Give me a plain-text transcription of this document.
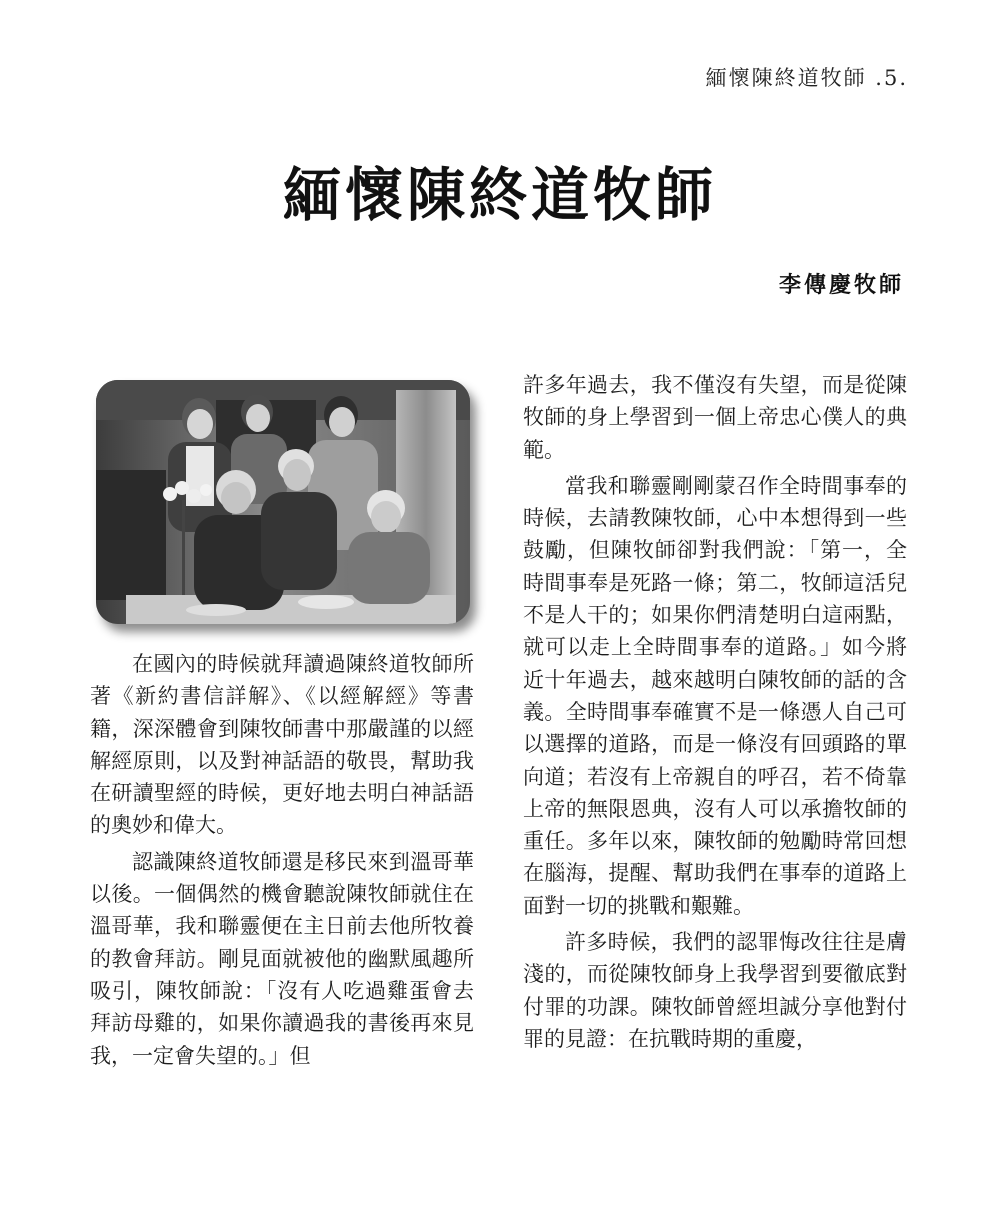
緬懷陳終道牧師 .5.
緬懷陳終道牧師
李傳慶牧師

在國內的時候就拜讀過陳終道牧師所著《新約書信詳解》、《以經解經》等書籍，深深體會到陳牧師書中那嚴謹的以經解經原則，以及對神話語的敬畏，幫助我在研讀聖經的時候，更好地去明白神話語的奧妙和偉大。

認識陳終道牧師還是移民來到溫哥華以後。一個偶然的機會聽說陳牧師就住在溫哥華，我和聯靈便在主日前去他所牧養的教會拜訪。剛見面就被他的幽默風趣所吸引，陳牧師說：「沒有人吃過雞蛋會去拜訪母雞的，如果你讀過我的書後再來見我，一定會失望的。」但

許多年過去，我不僅沒有失望，而是從陳牧師的身上學習到一個上帝忠心僕人的典範。

當我和聯靈剛剛蒙召作全時間事奉的時候，去請教陳牧師，心中本想得到一些鼓勵，但陳牧師卻對我們說：「第一，全時間事奉是死路一條；第二，牧師這活兒不是人干的；如果你們清楚明白這兩點，就可以走上全時間事奉的道路。」如今將近十年過去，越來越明白陳牧師的話的含義。全時間事奉確實不是一條憑人自己可以選擇的道路，而是一條沒有回頭路的單向道；若沒有上帝親自的呼召，若不倚靠上帝的無限恩典，沒有人可以承擔牧師的重任。多年以來，陳牧師的勉勵時常回想在腦海，提醒、幫助我們在事奉的道路上面對一切的挑戰和艱難。

許多時候，我們的認罪悔改往往是膚淺的，而從陳牧師身上我學習到要徹底對付罪的功課。陳牧師曾經坦誠分享他對付罪的見證：在抗戰時期的重慶，
